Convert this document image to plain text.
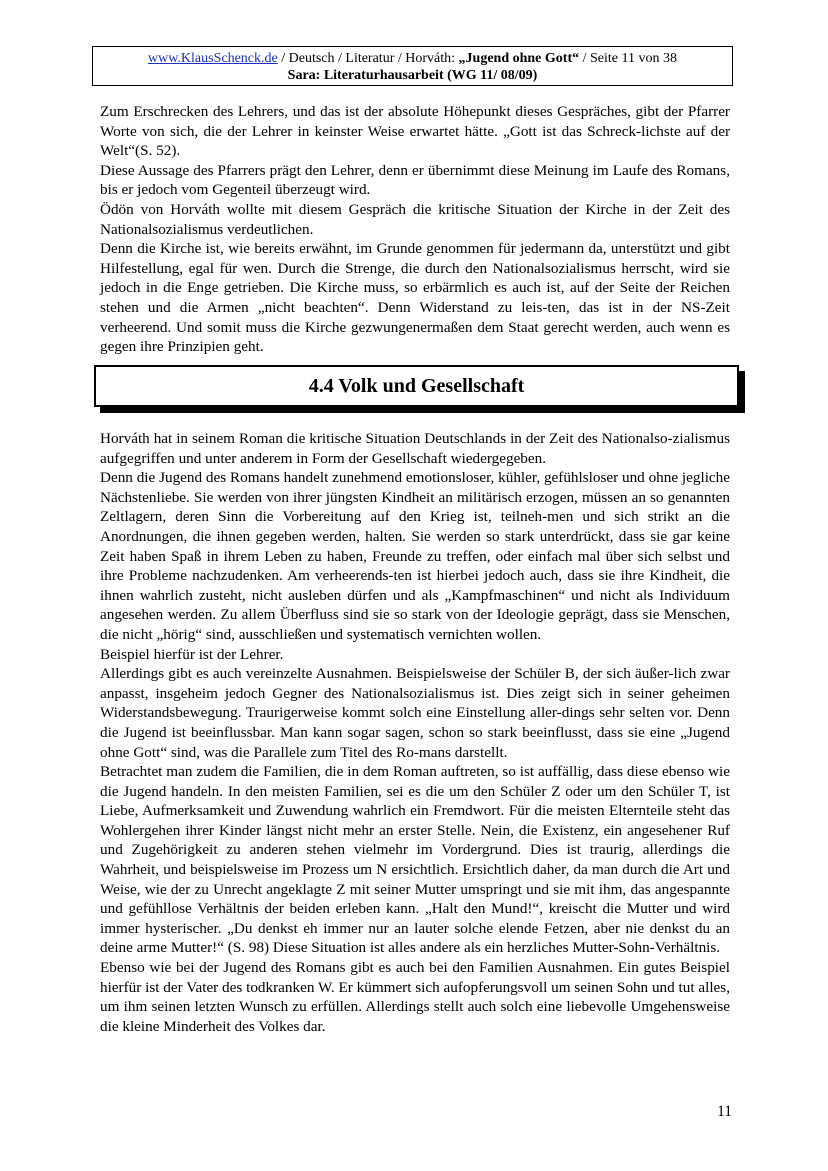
www.KlausSchenck.de / Deutsch / Literatur / Horváth: „Jugend ohne Gott“ / Seite 11 von 38
Sara: Literaturhausarbeit (WG 11/ 08/09)

Zum Erschrecken des Lehrers, und das ist der absolute Höhepunkt dieses Gespräches, gibt der Pfarrer Worte von sich, die der Lehrer in keinster Weise erwartet hätte. „Gott ist das Schreck-lichste auf der Welt“(S. 52).

Diese Aussage des Pfarrers prägt den Lehrer, denn er übernimmt diese Meinung im Laufe des Romans, bis er jedoch vom Gegenteil überzeugt wird.

Ödön von Horváth wollte mit diesem Gespräch die kritische Situation der Kirche in der Zeit des Nationalsozialismus verdeutlichen.

Denn die Kirche ist, wie bereits erwähnt, im Grunde genommen für jedermann da, unterstützt und gibt Hilfestellung, egal für wen. Durch die Strenge, die durch den Nationalsozialismus herrscht, wird sie jedoch in die Enge getrieben. Die Kirche muss, so erbärmlich es auch ist, auf der Seite der Reichen stehen und die Armen „nicht beachten“. Denn Widerstand zu leis-ten, das ist in der NS-Zeit verheerend. Und somit muss die Kirche gezwungenermaßen dem Staat gerecht werden, auch wenn es gegen ihre Prinzipien geht.

4.4 Volk und Gesellschaft

Horváth hat in seinem Roman die kritische Situation Deutschlands in der Zeit des Nationalso-zialismus aufgegriffen und unter anderem in Form der Gesellschaft wiedergegeben.

Denn die Jugend des Romans handelt zunehmend emotionsloser, kühler, gefühlsloser und ohne jegliche Nächstenliebe. Sie werden von ihrer jüngsten Kindheit an militärisch erzogen, müssen an so genannten Zeltlagern, deren Sinn die Vorbereitung auf den Krieg ist, teilneh-men und sich strikt an die Anordnungen, die ihnen gegeben werden, halten. Sie werden so stark unterdrückt, dass sie gar keine Zeit haben Spaß in ihrem Leben zu haben, Freunde zu treffen, oder einfach mal über sich selbst und ihre Probleme nachzudenken. Am verheerends-ten ist hierbei jedoch auch, dass sie ihre Kindheit, die ihnen wahrlich zusteht, nicht ausleben dürfen und als „Kampfmaschinen“ und nicht als Individuum angesehen werden. Zu allem Überfluss sind sie so stark von der Ideologie geprägt, dass sie Menschen, die nicht „hörig“ sind, ausschließen und systematisch vernichten wollen.

Beispiel hierfür ist der Lehrer.

Allerdings gibt es auch vereinzelte Ausnahmen. Beispielsweise der Schüler B, der sich äußer-lich zwar anpasst, insgeheim jedoch Gegner des Nationalsozialismus ist. Dies zeigt sich in seiner geheimen Widerstandsbewegung. Traurigerweise kommt solch eine Einstellung aller-dings sehr selten vor. Denn die Jugend ist beeinflussbar. Man kann sogar sagen, schon so stark beeinflusst, dass sie eine „Jugend ohne Gott“ sind, was die Parallele zum Titel des Ro-mans darstellt.

Betrachtet man zudem die Familien, die in dem Roman auftreten, so ist auffällig, dass diese ebenso wie die Jugend handeln. In den meisten Familien, sei es die um den Schüler Z oder um den Schüler T, ist Liebe, Aufmerksamkeit und Zuwendung wahrlich ein Fremdwort. Für die meisten Elternteile steht das Wohlergehen ihrer Kinder längst nicht mehr an erster Stelle. Nein, die Existenz, ein angesehener Ruf und Zugehörigkeit zu anderen stehen vielmehr im Vordergrund. Dies ist traurig, allerdings die Wahrheit, und beispielsweise im Prozess um N ersichtlich. Ersichtlich daher, da man durch die Art und Weise, wie der zu Unrecht angeklagte Z mit seiner Mutter umspringt und sie mit ihm, das angespannte und gefühllose Verhältnis der beiden erleben kann. „Halt den Mund!“, kreischt die Mutter und wird immer hysterischer. „Du denkst eh immer nur an lauter solche elende Fetzen, aber nie denkst du an deine arme Mutter!“ (S. 98) Diese Situation ist alles andere als ein herzliches Mutter-Sohn-Verhältnis.

Ebenso wie bei der Jugend des Romans gibt es auch bei den Familien Ausnahmen. Ein gutes Beispiel hierfür ist der Vater des todkranken W. Er kümmert sich aufopferungsvoll um seinen Sohn und tut alles, um ihm seinen letzten Wunsch zu erfüllen. Allerdings stellt auch solch eine liebevolle Umgehensweise die kleine Minderheit des Volkes dar.

11
